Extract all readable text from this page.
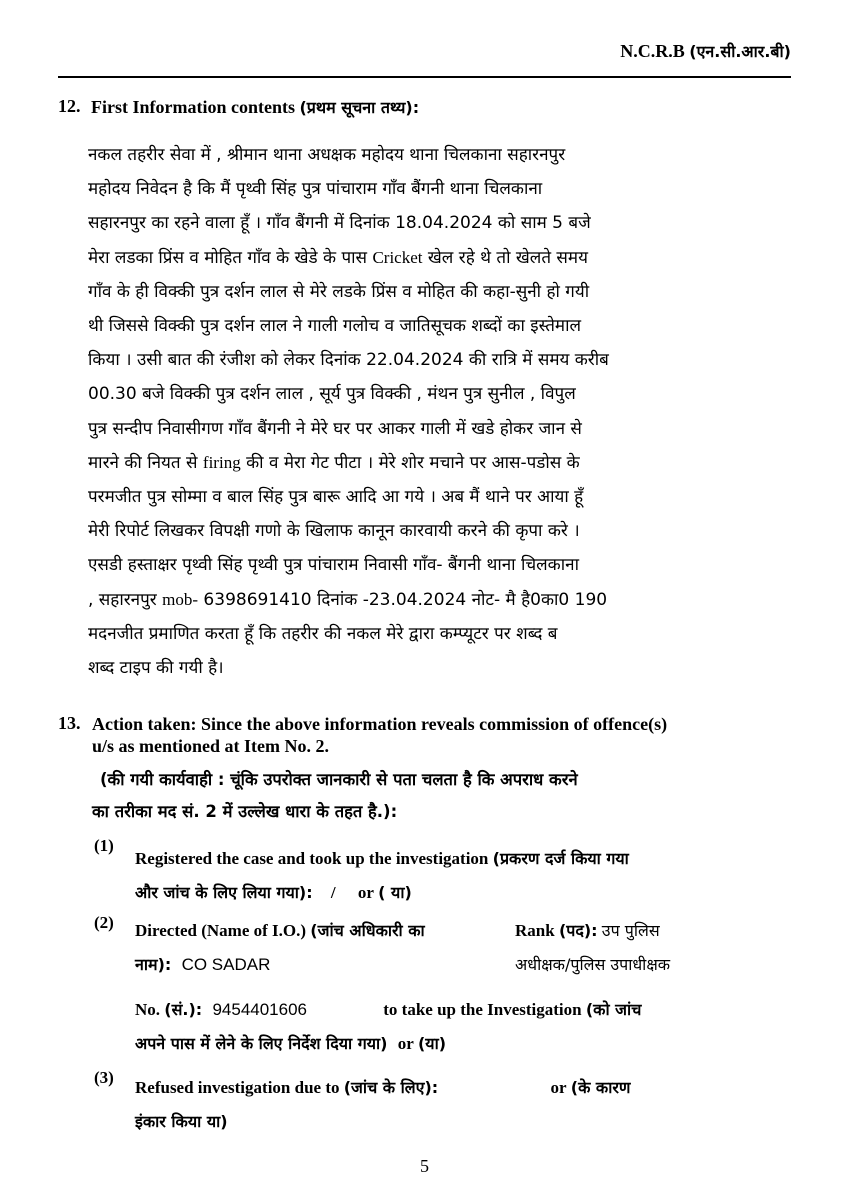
N.C.R.B (एन.सी.आर.बी)
12. First Information contents (प्रथम सूचना तथ्य):
नकल तहरीर सेवा में , श्रीमान थाना अधक्षक महोदय थाना चिलकाना सहारनपुर
महोदय निवेदन है कि मैं पृथ्वी सिंह पुत्र पांचाराम गाँव बैंगनी थाना चिलकाना
सहारनपुर का रहने वाला हूँ । गाँव बैंगनी में दिनांक 18.04.2024 को साम 5 बजे
मेरा लडका प्रिंस व मोहित गाँव के खेडे के पास Cricket खेल रहे थे तो खेलते समय
गाँव के ही विक्की पुत्र दर्शन लाल से मेरे लडके प्रिंस व मोहित की कहा-सुनी हो गयी
थी जिससे विक्की पुत्र दर्शन लाल ने गाली गलोच व जातिसूचक शब्दों का इस्तेमाल
किया । उसी बात की रंजीश को लेकर दिनांक 22.04.2024 की रात्रि में समय करीब
00.30 बजे विक्की पुत्र दर्शन लाल , सूर्य पुत्र विक्की , मंथन पुत्र सुनील , विपुल
पुत्र सन्दीप निवासीगण गाँव बैंगनी ने मेरे घर पर आकर गाली में खडे होकर जान से
मारने की नियत से firing की व मेरा गेट पीटा । मेरे शोर मचाने पर आस-पडोस के
परमजीत पुत्र सोम्मा व बाल सिंह पुत्र बारू आदि आ गये । अब मैं थाने पर आया हूँ
मेरी रिपोर्ट लिखकर विपक्षी गणो के खिलाफ कानून कारवायी करने की कृपा करे ।
एसडी हस्ताक्षर पृथ्वी सिंह पृथ्वी पुत्र पांचाराम निवासी गाँव- बैंगनी थाना चिलकाना
, सहारनपुर mob- 6398691410 दिनांक -23.04.2024 नोट- मै है0का0 190
मदनजीत प्रमाणित करता हूँ कि तहरीर की नकल मेरे द्वारा कम्प्यूटर पर शब्द ब
शब्द टाइप की गयी है।
13. Action taken: Since the above information reveals commission of offence(s)
u/s as mentioned at Item No. 2.
(की गयी कार्यवाही : चूंकि उपरोक्त जानकारी से पता चलता है कि अपराध करने
का तरीका मद सं. 2 में उल्लेख धारा के तहत है.):
(1)
Registered the case and took up the investigation (प्रकरण दर्ज किया गया
और जांच के लिए लिया गया): / or ( या)
(2) Directed (Name of I.O.) (जांच अधिकारी का
नाम): CO SADAR
Rank (पद): उप पुलिस
अधीक्षक/पुलिस उपाधीक्षक
No. (सं.): 9454401606	to take up the Investigation (को जांच
अपने पास में लेने के लिए निर्देश दिया गया) or (या)
(3)
Refused investigation due to (जांच के लिए):	or (के कारण
इंकार किया या)
5
